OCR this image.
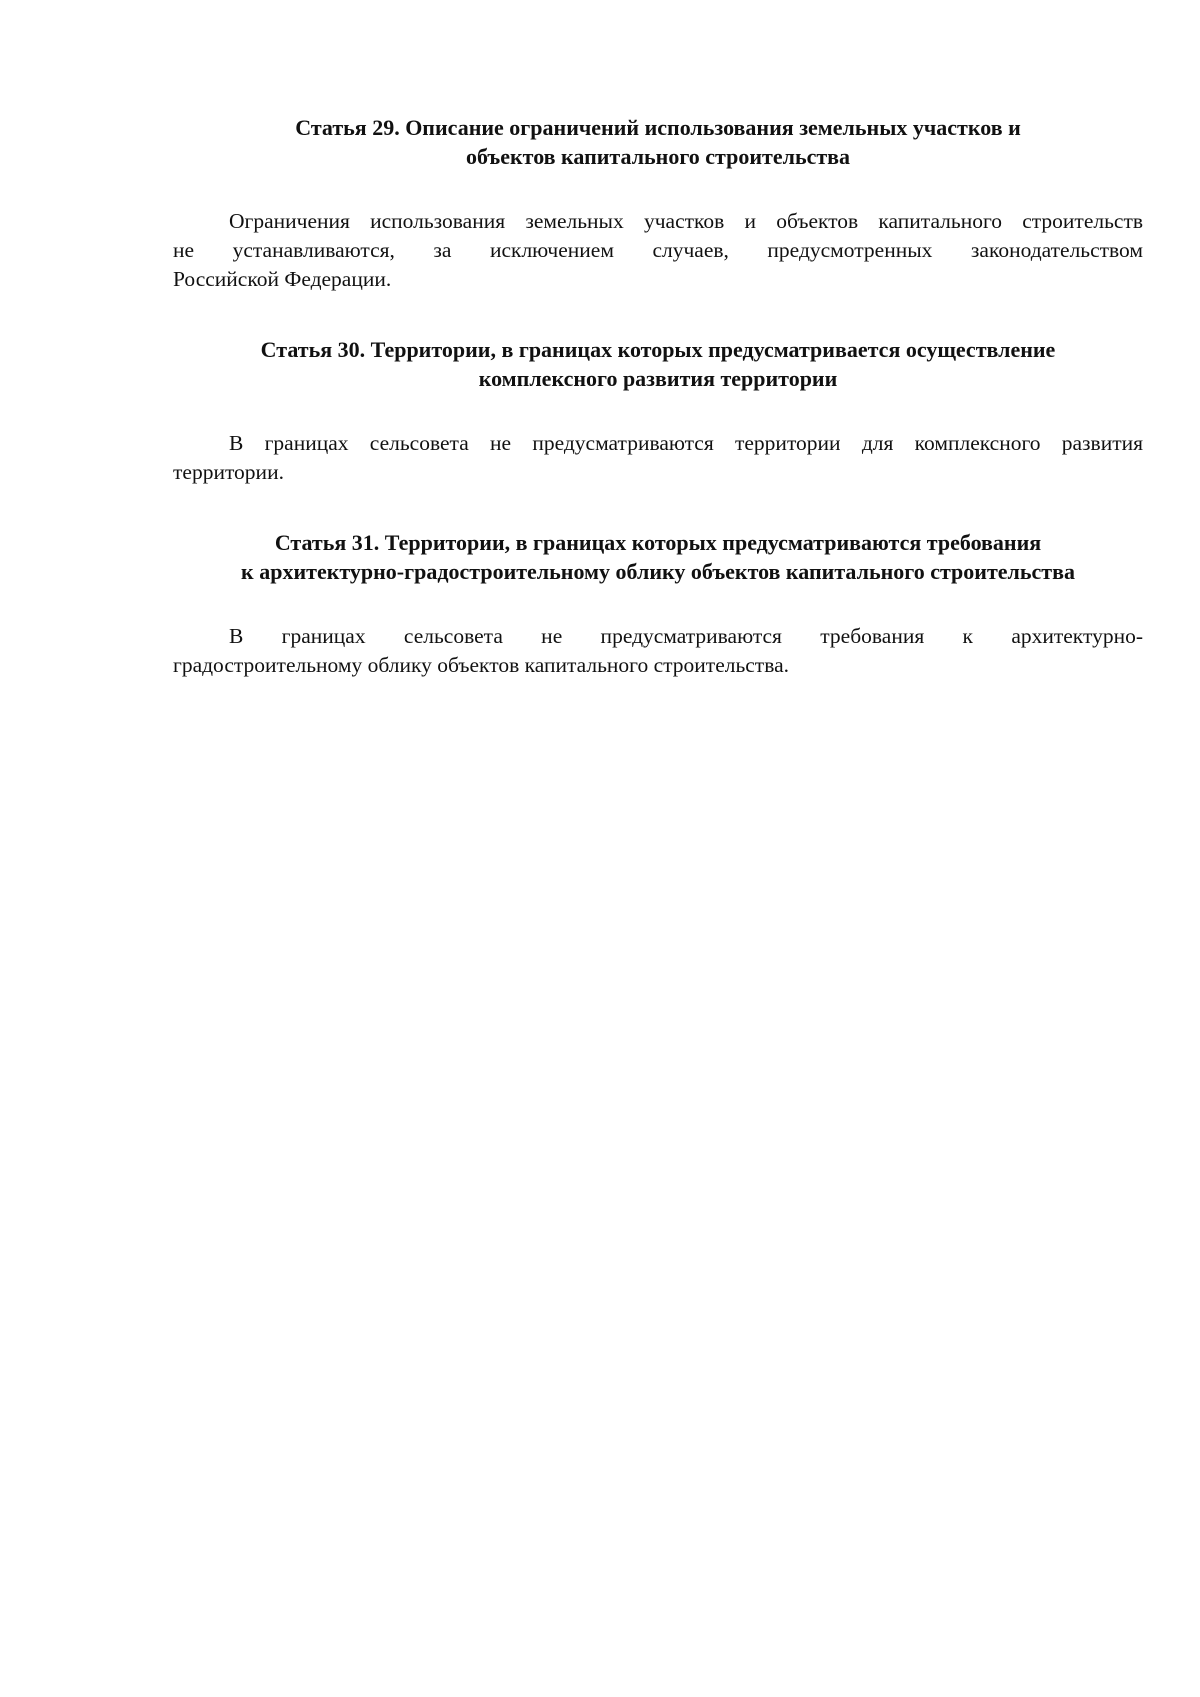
Статья 29. Описание ограничений использования земельных участков и
объектов капитального строительства

Ограничения использования земельных участков и объектов капитального строительств
не устанавливаются, за исключением случаев, предусмотренных законодательством
Российской Федерации.

Статья 30. Территории, в границах которых предусматривается осуществление
комплексного развития территории

В границах сельсовета не предусматриваются территории для комплексного развития
территории.

Статья 31. Территории, в границах которых предусматриваются требования
к архитектурно-градостроительному облику объектов капитального строительства

В границах сельсовета не предусматриваются требования к архитектурно-
градостроительному облику объектов капитального строительства.
